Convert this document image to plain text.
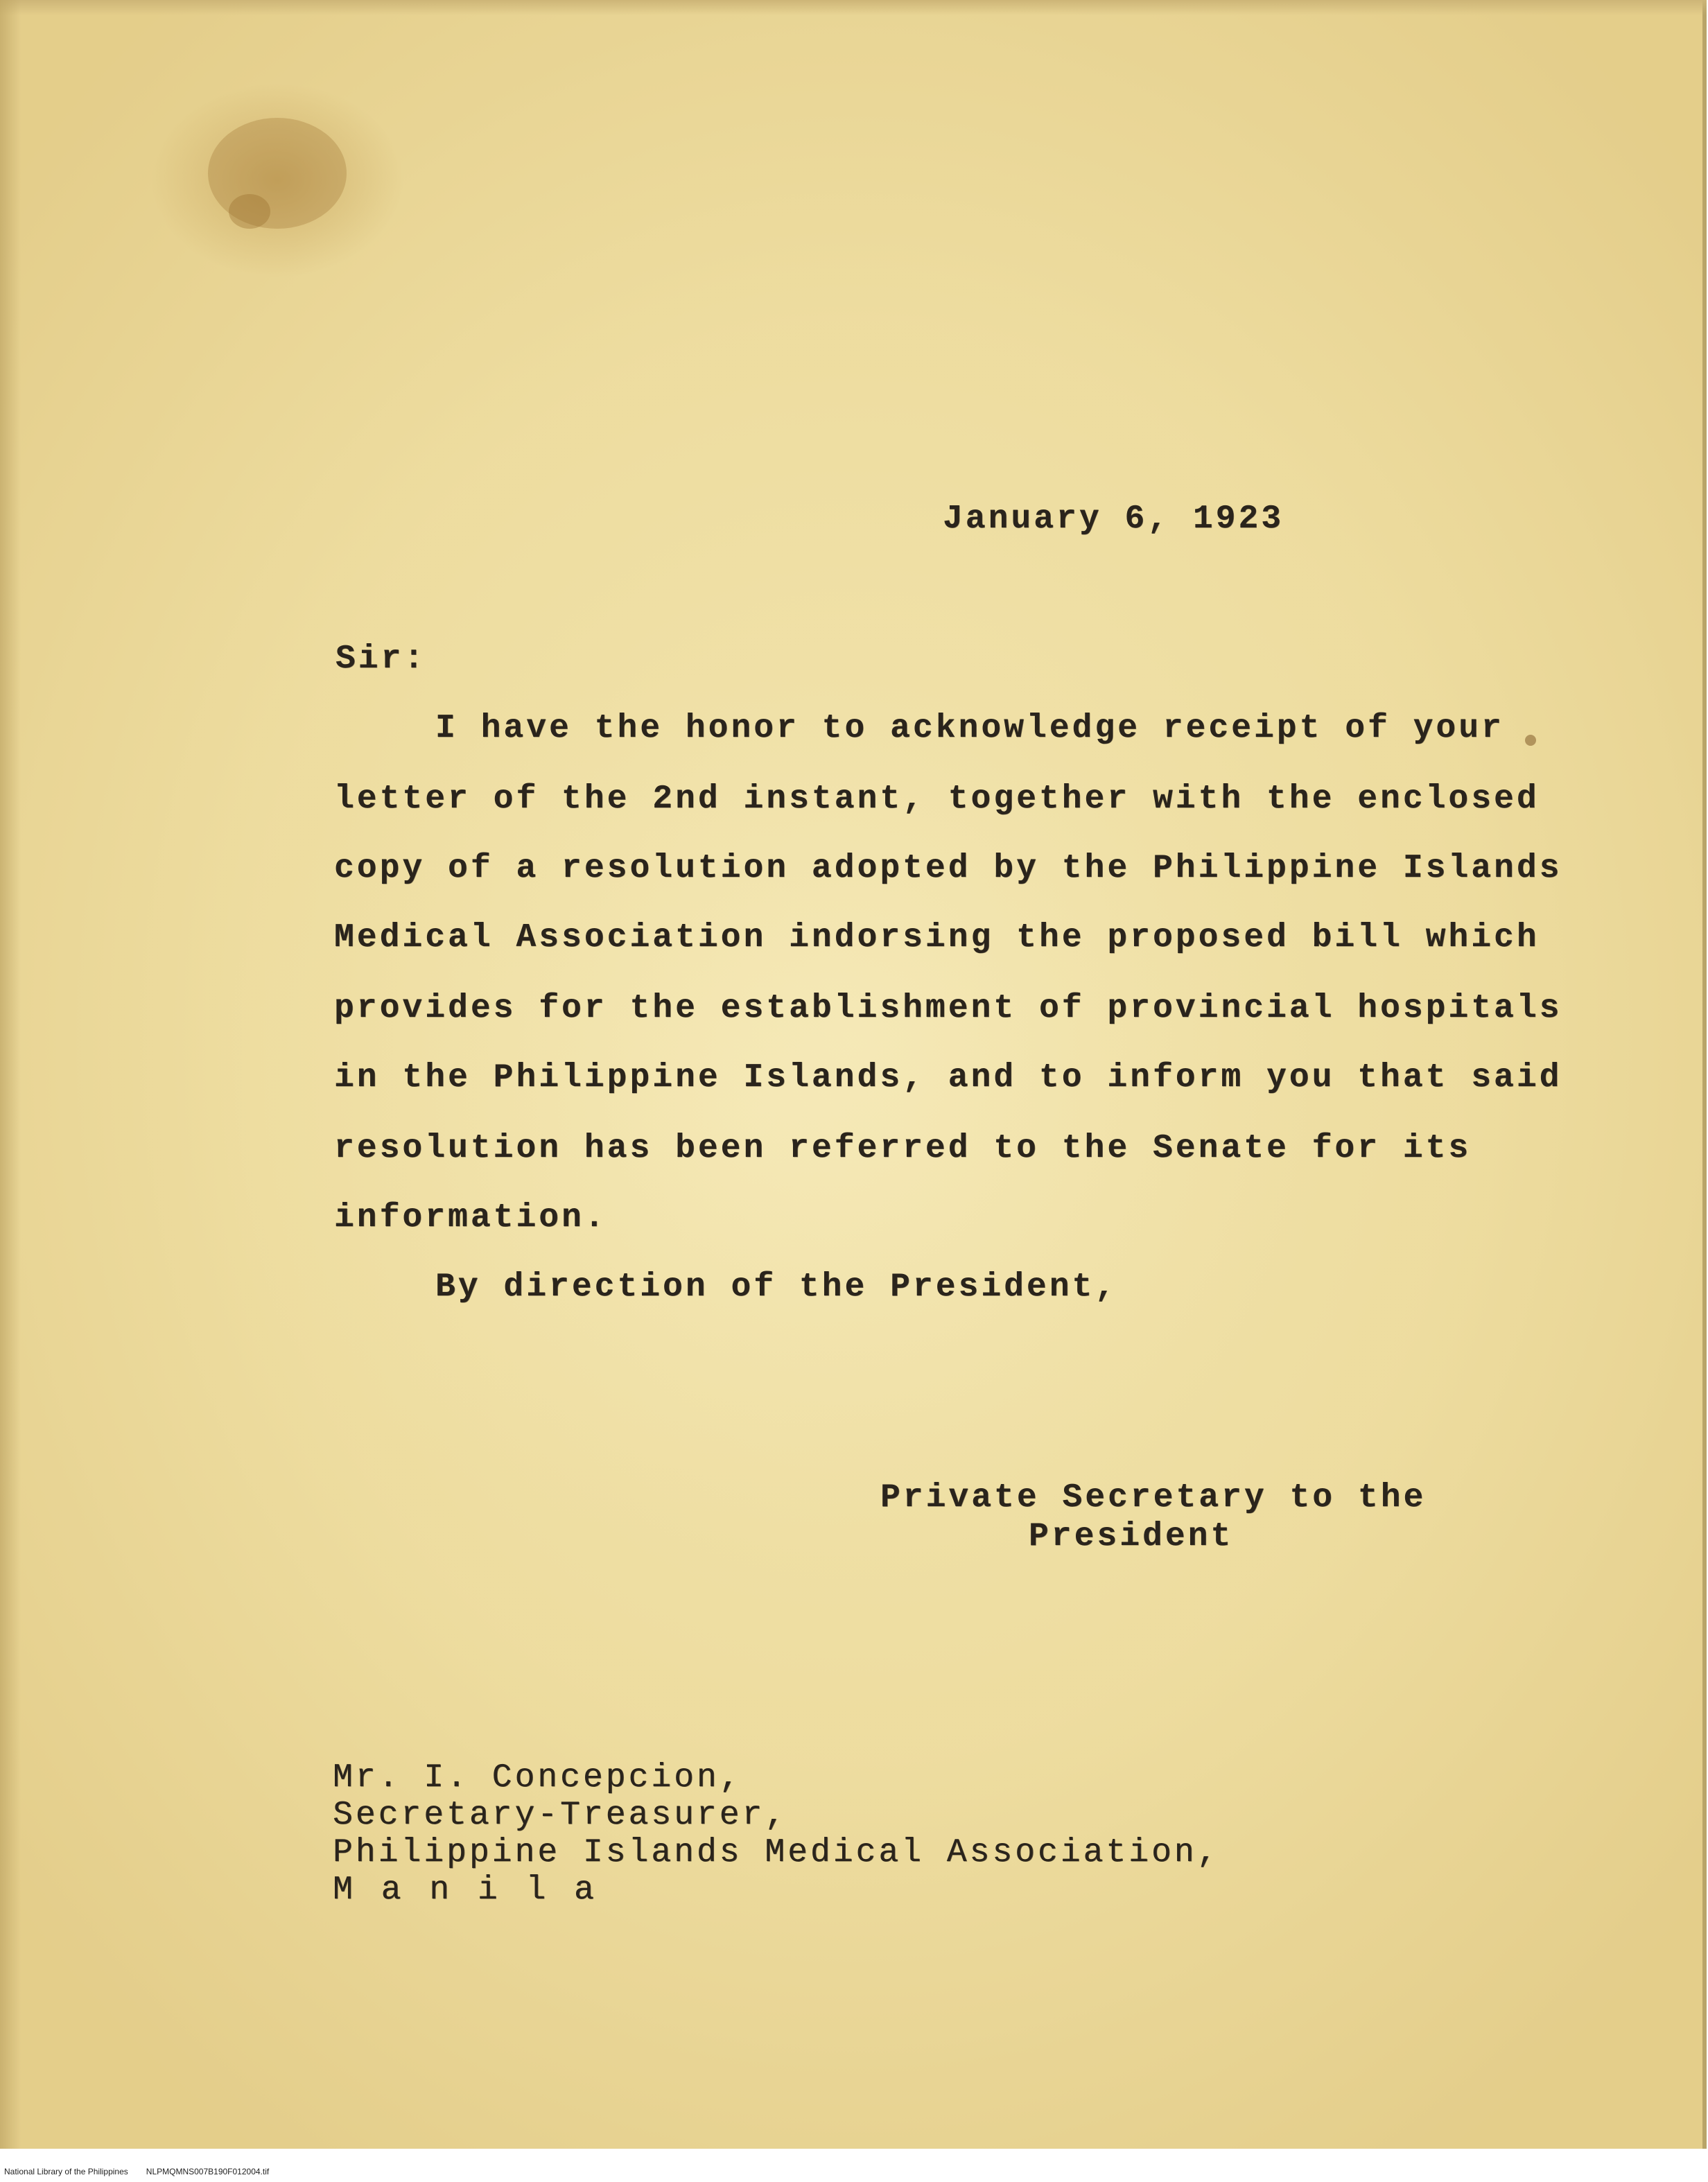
January 6, 1923

Sir:

I have the honor to acknowledge receipt of your

letter of the 2nd instant, together with the enclosed

copy of a resolution adopted by the Philippine Islands

Medical Association indorsing the proposed bill which

provides for the establishment of provincial hospitals

in the Philippine Islands, and to inform you that said

resolution has been referred to the Senate for its

information.

By direction of the President,

Private Secretary to the

President

Mr. I. Concepcion,

Secretary-Treasurer,

Philippine Islands Medical Association,

M a n i l a

National Library of the Philippines NLPMQMNS007B190F012004.tif
